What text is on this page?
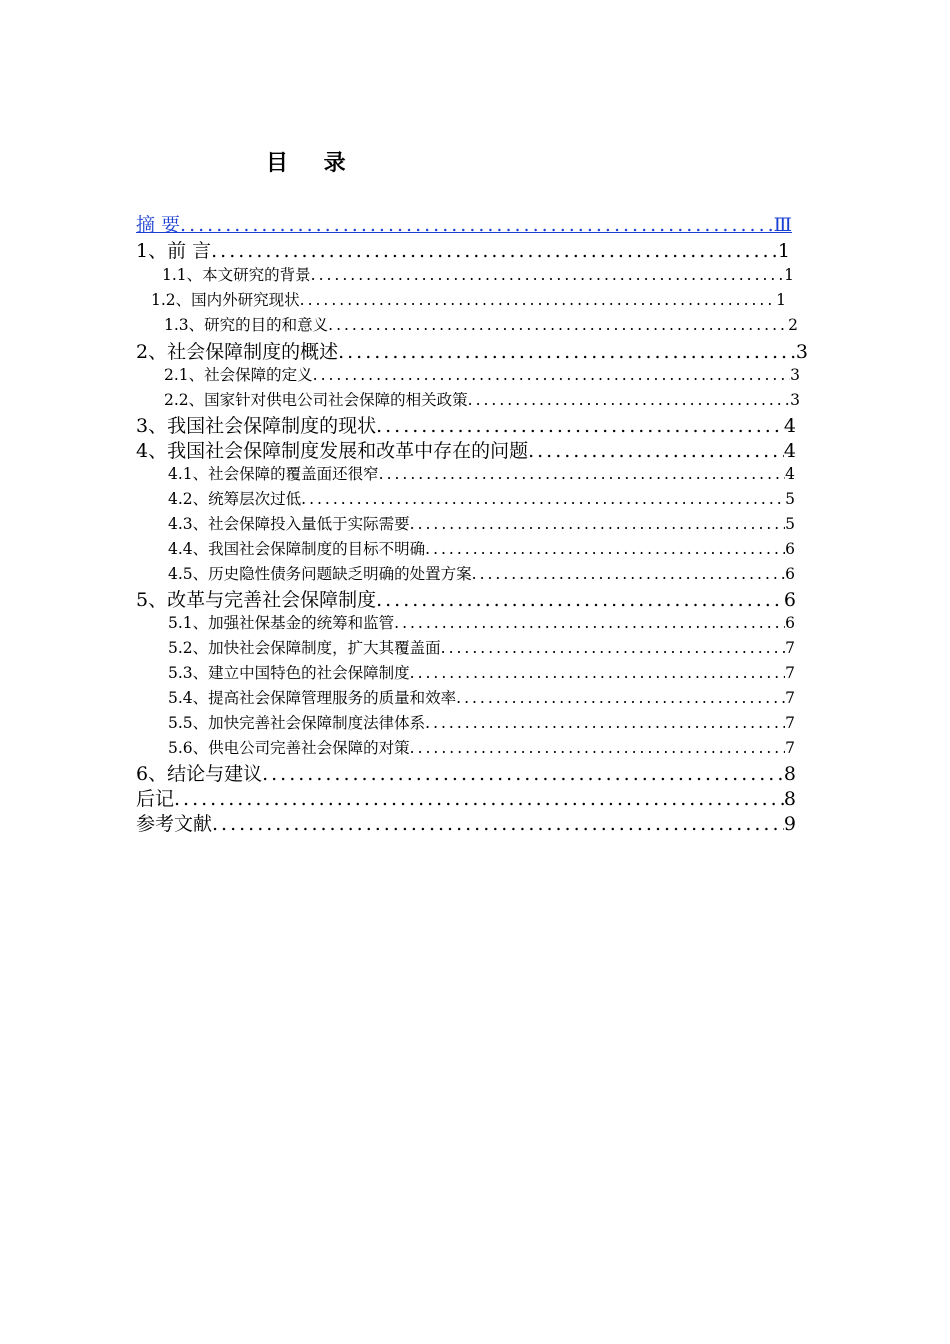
目 录
摘 要 .....	Ⅲ
1、前 言 .....	1
1.1、本文研究的背景 .....	1
1.2、国内外研究现状 .....	1
1.3、研究的目的和意义 .....	2
2、社会保障制度的概述 .....	3
2.1、社会保障的定义 .....	3
2.2、国家针对供电公司社会保障的相关政策 .....	3
3、我国社会保障制度的现状 .....	4
4、我国社会保障制度发展和改革中存在的问题 .....	4
4.1、社会保障的覆盖面还很窄 .....	4
4.2、统筹层次过低 .....	5
4.3、社会保障投入量低于实际需要 .....	5
4.4、我国社会保障制度的目标不明确 .....	6
4.5、历史隐性债务问题缺乏明确的处置方案 .....	6
5、改革与完善社会保障制度 .....	6
5.1、加强社保基金的统筹和监管 .....	6
5.2、加快社会保障制度，扩大其覆盖面 .....	7
5.3、建立中国特色的社会保障制度 .....	7
5.4、提高社会保障管理服务的质量和效率 .....	7
5.5、加快完善社会保障制度法律体系 .....	7
5.6、供电公司完善社会保障的对策 .....	7
6、结论与建议 .....	8
后记 .....	8
参考文献 .....	9
